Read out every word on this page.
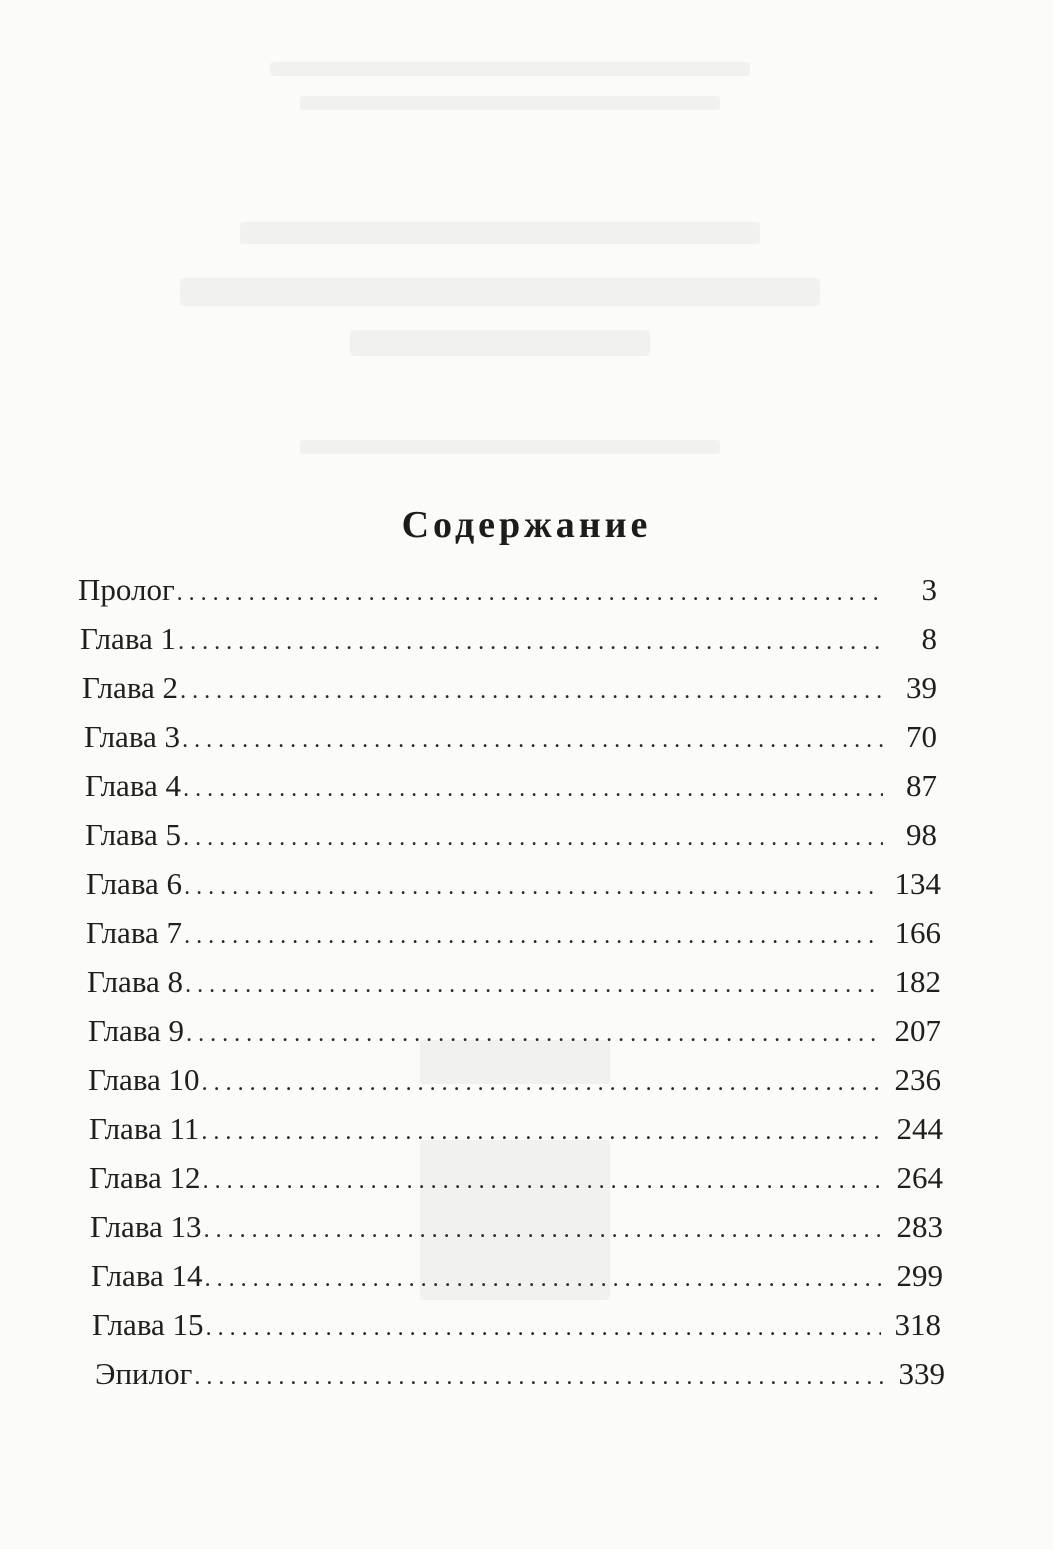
Содержание
Пролог . . .	3
Глава 1 . . .	8
Глава 2 . . .	39
Глава 3 . . .	70
Глава 4 . . .	87
Глава 5 . . .	98
Глава 6 . . .	134
Глава 7 . . .	166
Глава 8 . . .	182
Глава 9 . . .	207
Глава 10 . . .	236
Глава 11 . . .	244
Глава 12 . . .	264
Глава 13 . . .	283
Глава 14 . . .	299
Глава 15 . . .	318
Эпилог . . .	339
